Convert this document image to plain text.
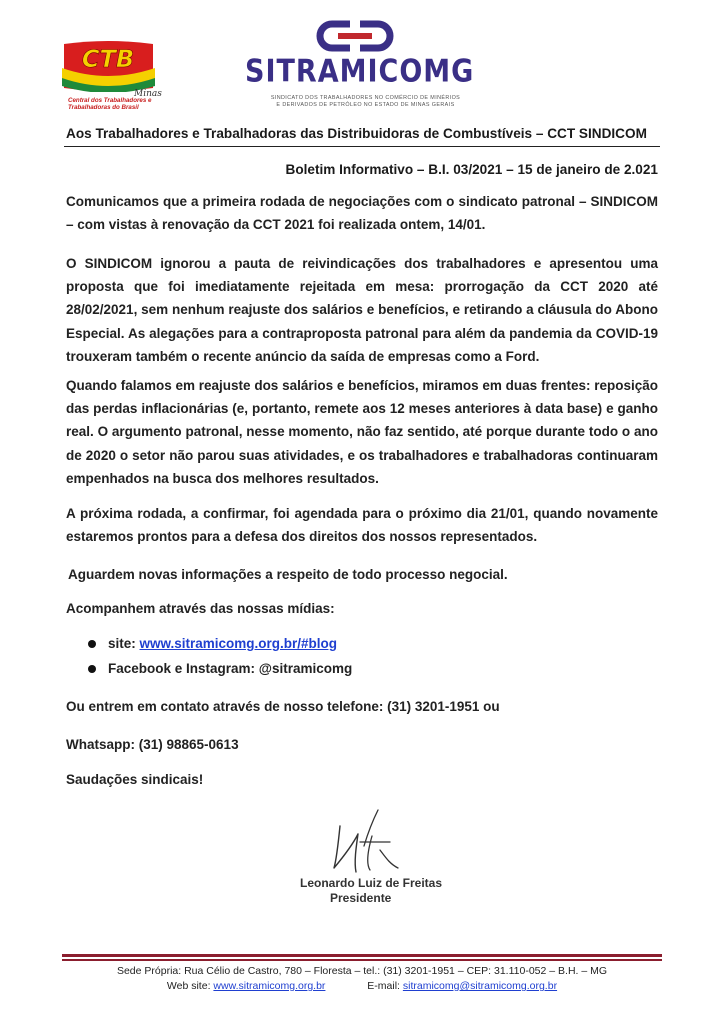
CTB
Minas
Central dos Trabalhadores e Trabalhadoras do Brasil
SITRAMICOMG
SINDICATO DOS TRABALHADORES NO COMÉRCIO DE MINÉRIOS
E DERIVADOS DE PETRÓLEO NO ESTADO DE MINAS GERAIS
Aos Trabalhadores e Trabalhadoras das Distribuidoras de Combustíveis – CCT SINDICOM
Boletim Informativo – B.I. 03/2021 – 15 de janeiro de 2.021
Comunicamos que a primeira rodada de negociações com o sindicato patronal – SINDICOM – com vistas à renovação da CCT 2021 foi realizada ontem, 14/01.
O SINDICOM ignorou a pauta de reivindicações dos trabalhadores e apresentou uma proposta que foi imediatamente rejeitada em mesa: prorrogação da CCT 2020 até 28/02/2021, sem nenhum reajuste dos salários e benefícios, e retirando a cláusula do Abono Especial. As alegações para a contraproposta patronal para além da pandemia da COVID-19 trouxeram também o recente anúncio da saída de empresas como a Ford.
Quando falamos em reajuste dos salários e benefícios, miramos em duas frentes: reposição das perdas inflacionárias (e, portanto, remete aos 12 meses anteriores à data base) e ganho real. O argumento patronal, nesse momento, não faz sentido, até porque durante todo o ano de 2020 o setor não parou suas atividades, e os trabalhadores e trabalhadoras continuaram empenhados na busca dos melhores resultados.
A próxima rodada, a confirmar, foi agendada para o próximo dia 21/01, quando novamente estaremos prontos para a defesa dos direitos dos nossos representados.
Aguardem novas informações a respeito de todo processo negocial.
Acompanhem através das nossas mídias:
site: www.sitramicomg.org.br/#blog
Facebook e Instagram: @sitramicomg
Ou entrem em contato através de nosso telefone: (31) 3201-1951 ou
Whatsapp: (31) 98865-0613
Saudações sindicais!
Leonardo Luiz de Freitas
Presidente
Sede Própria: Rua Célio de Castro, 780 – Floresta – tel.: (31) 3201-1951 – CEP: 31.110-052 – B.H. – MG
Web site: www.sitramicomg.org.br	E-mail: sitramicomg@sitramicomg.org.br
